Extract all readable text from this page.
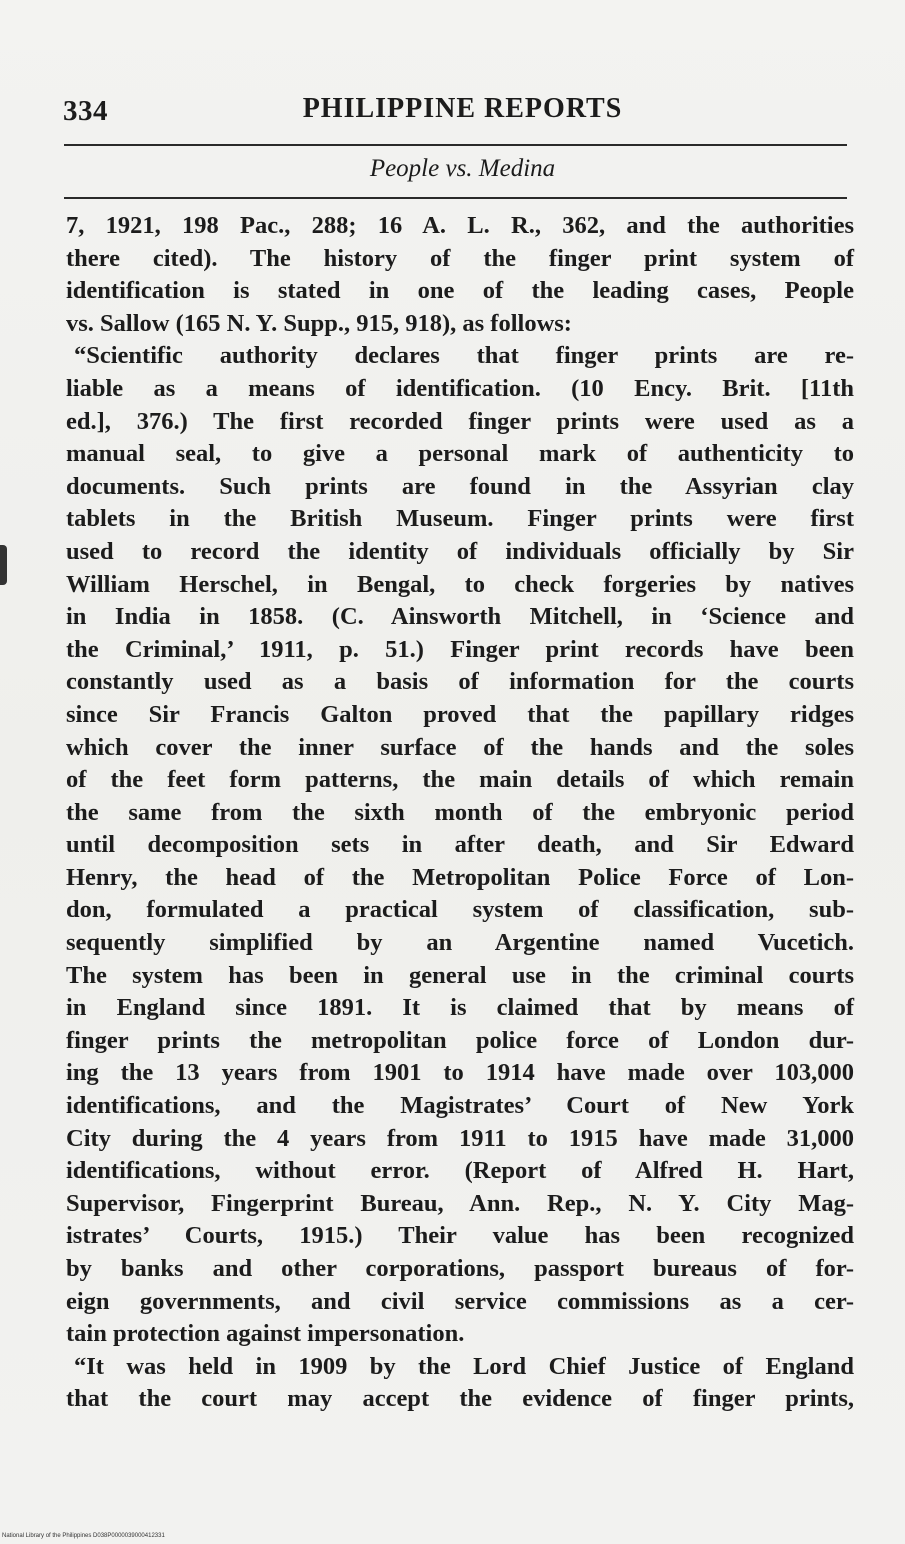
334	PHILIPPINE REPORTS
People vs. Medina
7, 1921, 198 Pac., 288; 16 A. L. R., 362, and the authorities
there cited). The history of the finger print system of
identification is stated in one of the leading cases, People
vs. Sallow (165 N. Y. Supp., 915, 918), as follows:
“Scientific authority declares that finger prints are re-
liable as a means of identification. (10 Ency. Brit. [11th
ed.], 376.) The first recorded finger prints were used as a
manual seal, to give a personal mark of authenticity to
documents. Such prints are found in the Assyrian clay
tablets in the British Museum. Finger prints were first
used to record the identity of individuals officially by Sir
William Herschel, in Bengal, to check forgeries by natives
in India in 1858. (C. Ainsworth Mitchell, in ‘Science and
the Criminal,’ 1911, p. 51.) Finger print records have been
constantly used as a basis of information for the courts
since Sir Francis Galton proved that the papillary ridges
which cover the inner surface of the hands and the soles
of the feet form patterns, the main details of which remain
the same from the sixth month of the embryonic period
until decomposition sets in after death, and Sir Edward
Henry, the head of the Metropolitan Police Force of Lon-
don, formulated a practical system of classification, sub-
sequently simplified by an Argentine named Vucetich.
The system has been in general use in the criminal courts
in England since 1891. It is claimed that by means of
finger prints the metropolitan police force of London dur-
ing the 13 years from 1901 to 1914 have made over 103,000
identifications, and the Magistrates’ Court of New York
City during the 4 years from 1911 to 1915 have made 31,000
identifications, without error. (Report of Alfred H. Hart,
Supervisor, Fingerprint Bureau, Ann. Rep., N. Y. City Mag-
istrates’ Courts, 1915.) Their value has been recognized
by banks and other corporations, passport bureaus of for-
eign governments, and civil service commissions as a cer-
tain protection against impersonation.
“It was held in 1909 by the Lord Chief Justice of England
that the court may accept the evidence of finger prints,
National Library of the Philippines D038P0000039000412331
